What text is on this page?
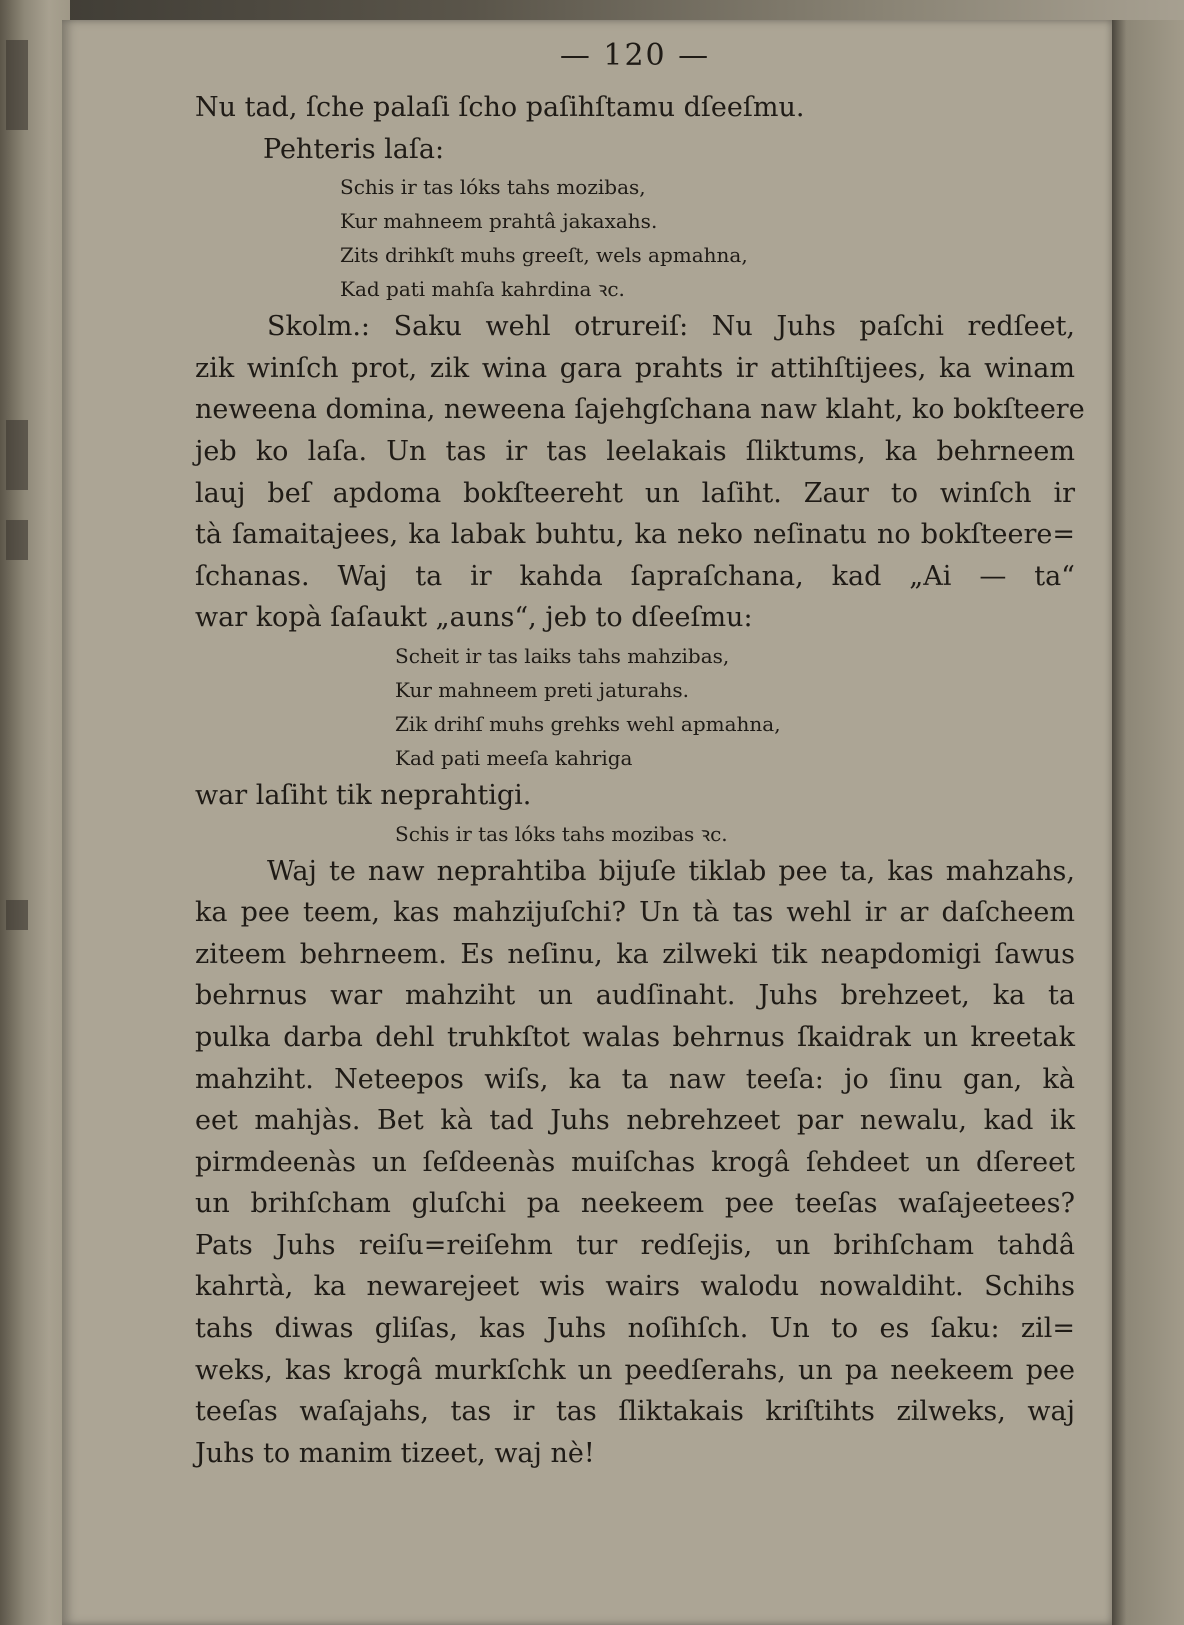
— 120 —
Nu tad, ſche palaſi ſcho paſihſtamu dſeeſmu.
Pehteris laſa:
Schis ir tas lóks tahs mozibas,
Kur mahneem prahtâ jakaxahs.
Zits drihkſt muhs greeſt, wels apmahna,
Kad pati mahſa kahrdina ꝛc.
Skolm.: Saku wehl otrureiſ: Nu Juhs paſchi redſeet,
zik winſch prot, zik wina gara prahts ir attihſtijees, ka winam
neweena domina, neweena ſajehgſchana naw klaht, ko bokſteere
jeb ko laſa. Un tas ir tas leelakais ſliktums, ka behrneem
lauj beſ apdoma bokſteereht un laſiht. Zaur to winſch ir
tà ſamaitajees, ka labak buhtu, ka neko neſinatu no bokſteere=
ſchanas. Waj ta ir kahda ſapraſchana, kad „Ai — ta“
war kopà ſaſaukt „auns“, jeb to dſeeſmu:
Scheit ir tas laiks tahs mahzibas,
Kur mahneem preti jaturahs.
Zik drihſ muhs grehks wehl apmahna,
Kad pati meeſa kahriga
war laſiht tik neprahtigi.
Schis ir tas lóks tahs mozibas ꝛc.
Waj te naw neprahtiba bijuſe tiklab pee ta, kas mahzahs,
ka pee teem, kas mahzijuſchi? Un tà tas wehl ir ar daſcheem
ziteem behrneem. Es neſinu, ka zilweki tik neapdomigi ſawus
behrnus war mahziht un audſinaht. Juhs brehzeet, ka ta
pulka darba dehl truhkſtot walas behrnus ſkaidrak un kreetak
mahziht. Neteepos wiſs, ka ta naw teeſa: jo ſinu gan, kà
eet mahjàs. Bet kà tad Juhs nebrehzeet par newalu, kad ik
pirmdeenàs un ſeſdeenàs muiſchas krogâ ſehdeet un dſereet
un brihſcham gluſchi pa neekeem pee teeſas waſajeetees?
Pats Juhs reiſu=reiſehm tur redſejis, un brihſcham tahdâ
kahrtà, ka newarejeet wis wairs walodu nowaldiht. Schihs
tahs diwas gliſas, kas Juhs noſihſch. Un to es ſaku: zil=
weks, kas krogâ murkſchk un peedſerahs, un pa neekeem pee
teeſas waſajahs, tas ir tas ſliktakais kriſtihts zilweks, waj
Juhs to manim tizeet, waj nè!
